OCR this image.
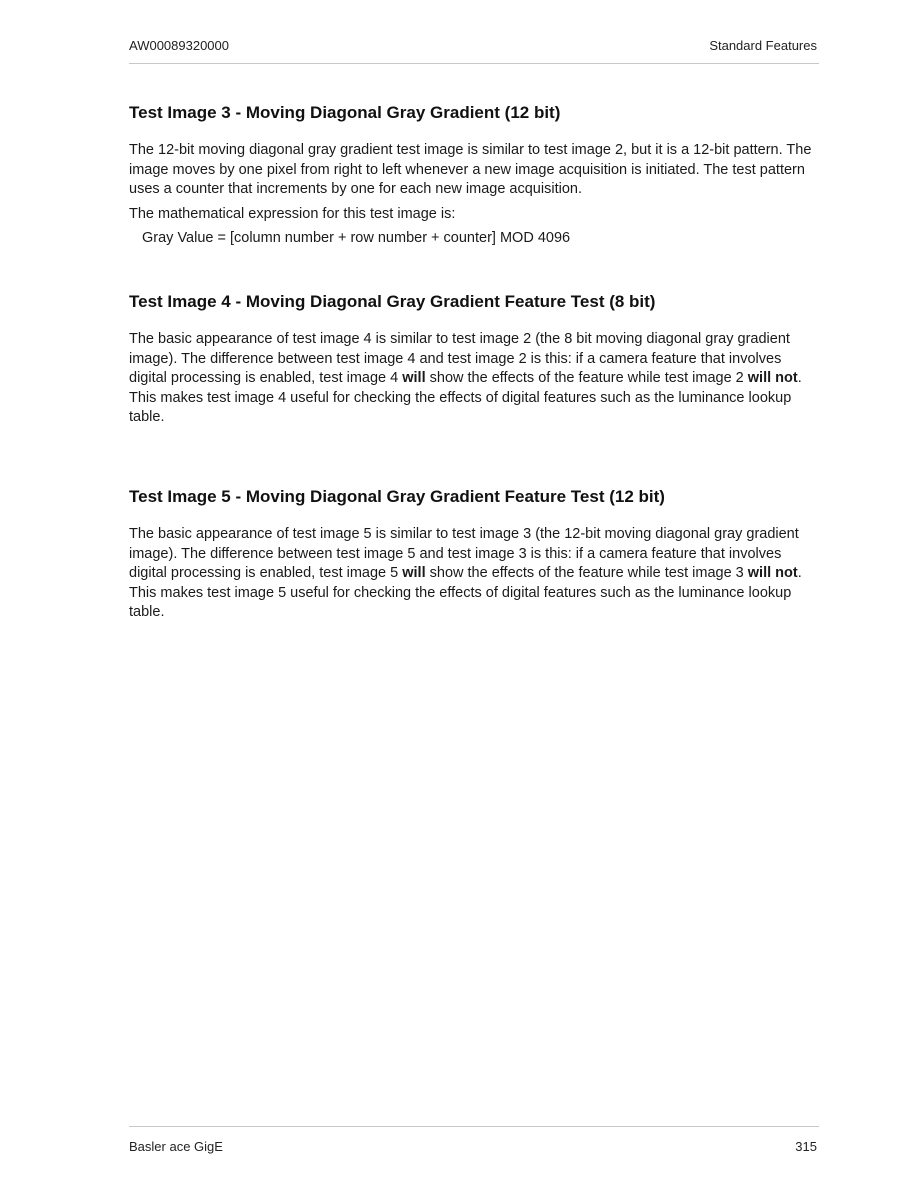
AW00089320000	Standard Features
Test Image 3 - Moving Diagonal Gray Gradient (12 bit)

The 12-bit moving diagonal gray gradient test image is similar to test image 2, but it is a 12-bit pattern. The image moves by one pixel from right to left whenever a new image acquisition is initiated. The test pattern uses a counter that increments by one for each new image acquisition.

The mathematical expression for this test image is:

Gray Value = [column number + row number + counter] MOD 4096

Test Image 4 - Moving Diagonal Gray Gradient Feature Test (8 bit)

The basic appearance of test image 4 is similar to test image 2 (the 8 bit moving diagonal gray gradient image). The difference between test image 4 and test image 2 is this: if a camera feature that involves digital processing is enabled, test image 4 will show the effects of the feature while test image 2 will not. This makes test image 4 useful for checking the effects of digital features such as the luminance lookup table.

Test Image 5 - Moving Diagonal Gray Gradient Feature Test (12 bit)

The basic appearance of test image 5 is similar to test image 3 (the 12-bit moving diagonal gray gradient image). The difference between test image 5 and test image 3 is this: if a camera feature that involves digital processing is enabled, test image 5 will show the effects of the feature while test image 3 will not. This makes test image 5 useful for checking the effects of digital features such as the luminance lookup table.

Basler ace GigE	315
